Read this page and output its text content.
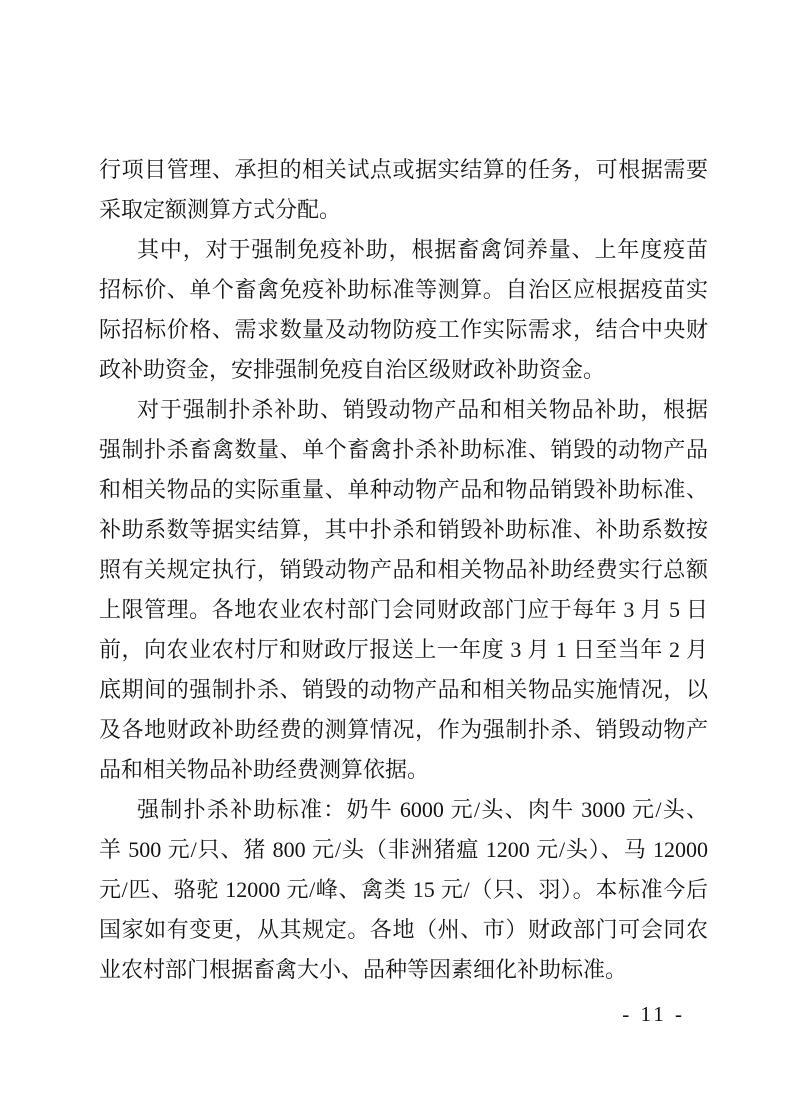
行项目管理、承担的相关试点或据实结算的任务，可根据需要
采取定额测算方式分配。
其中，对于强制免疫补助，根据畜禽饲养量、上年度疫苗
招标价、单个畜禽免疫补助标准等测算。自治区应根据疫苗实
际招标价格、需求数量及动物防疫工作实际需求，结合中央财
政补助资金，安排强制免疫自治区级财政补助资金。
对于强制扑杀补助、销毁动物产品和相关物品补助，根据
强制扑杀畜禽数量、单个畜禽扑杀补助标准、销毁的动物产品
和相关物品的实际重量、单种动物产品和物品销毁补助标准、
补助系数等据实结算，其中扑杀和销毁补助标准、补助系数按
照有关规定执行，销毁动物产品和相关物品补助经费实行总额
上限管理。各地农业农村部门会同财政部门应于每年 3 月 5 日
前，向农业农村厅和财政厅报送上一年度 3 月 1 日至当年 2 月
底期间的强制扑杀、销毁的动物产品和相关物品实施情况，以
及各地财政补助经费的测算情况，作为强制扑杀、销毁动物产
品和相关物品补助经费测算依据。
强制扑杀补助标准：奶牛 6000 元/头、肉牛 3000 元/头、
羊 500 元/只、猪 800 元/头（非洲猪瘟 1200 元/头）、马 12000
元/匹、骆驼 12000 元/峰、禽类 15 元/（只、羽）。本标准今后
国家如有变更，从其规定。各地（州、市）财政部门可会同农
业农村部门根据畜禽大小、品种等因素细化补助标准。
- 11 -
